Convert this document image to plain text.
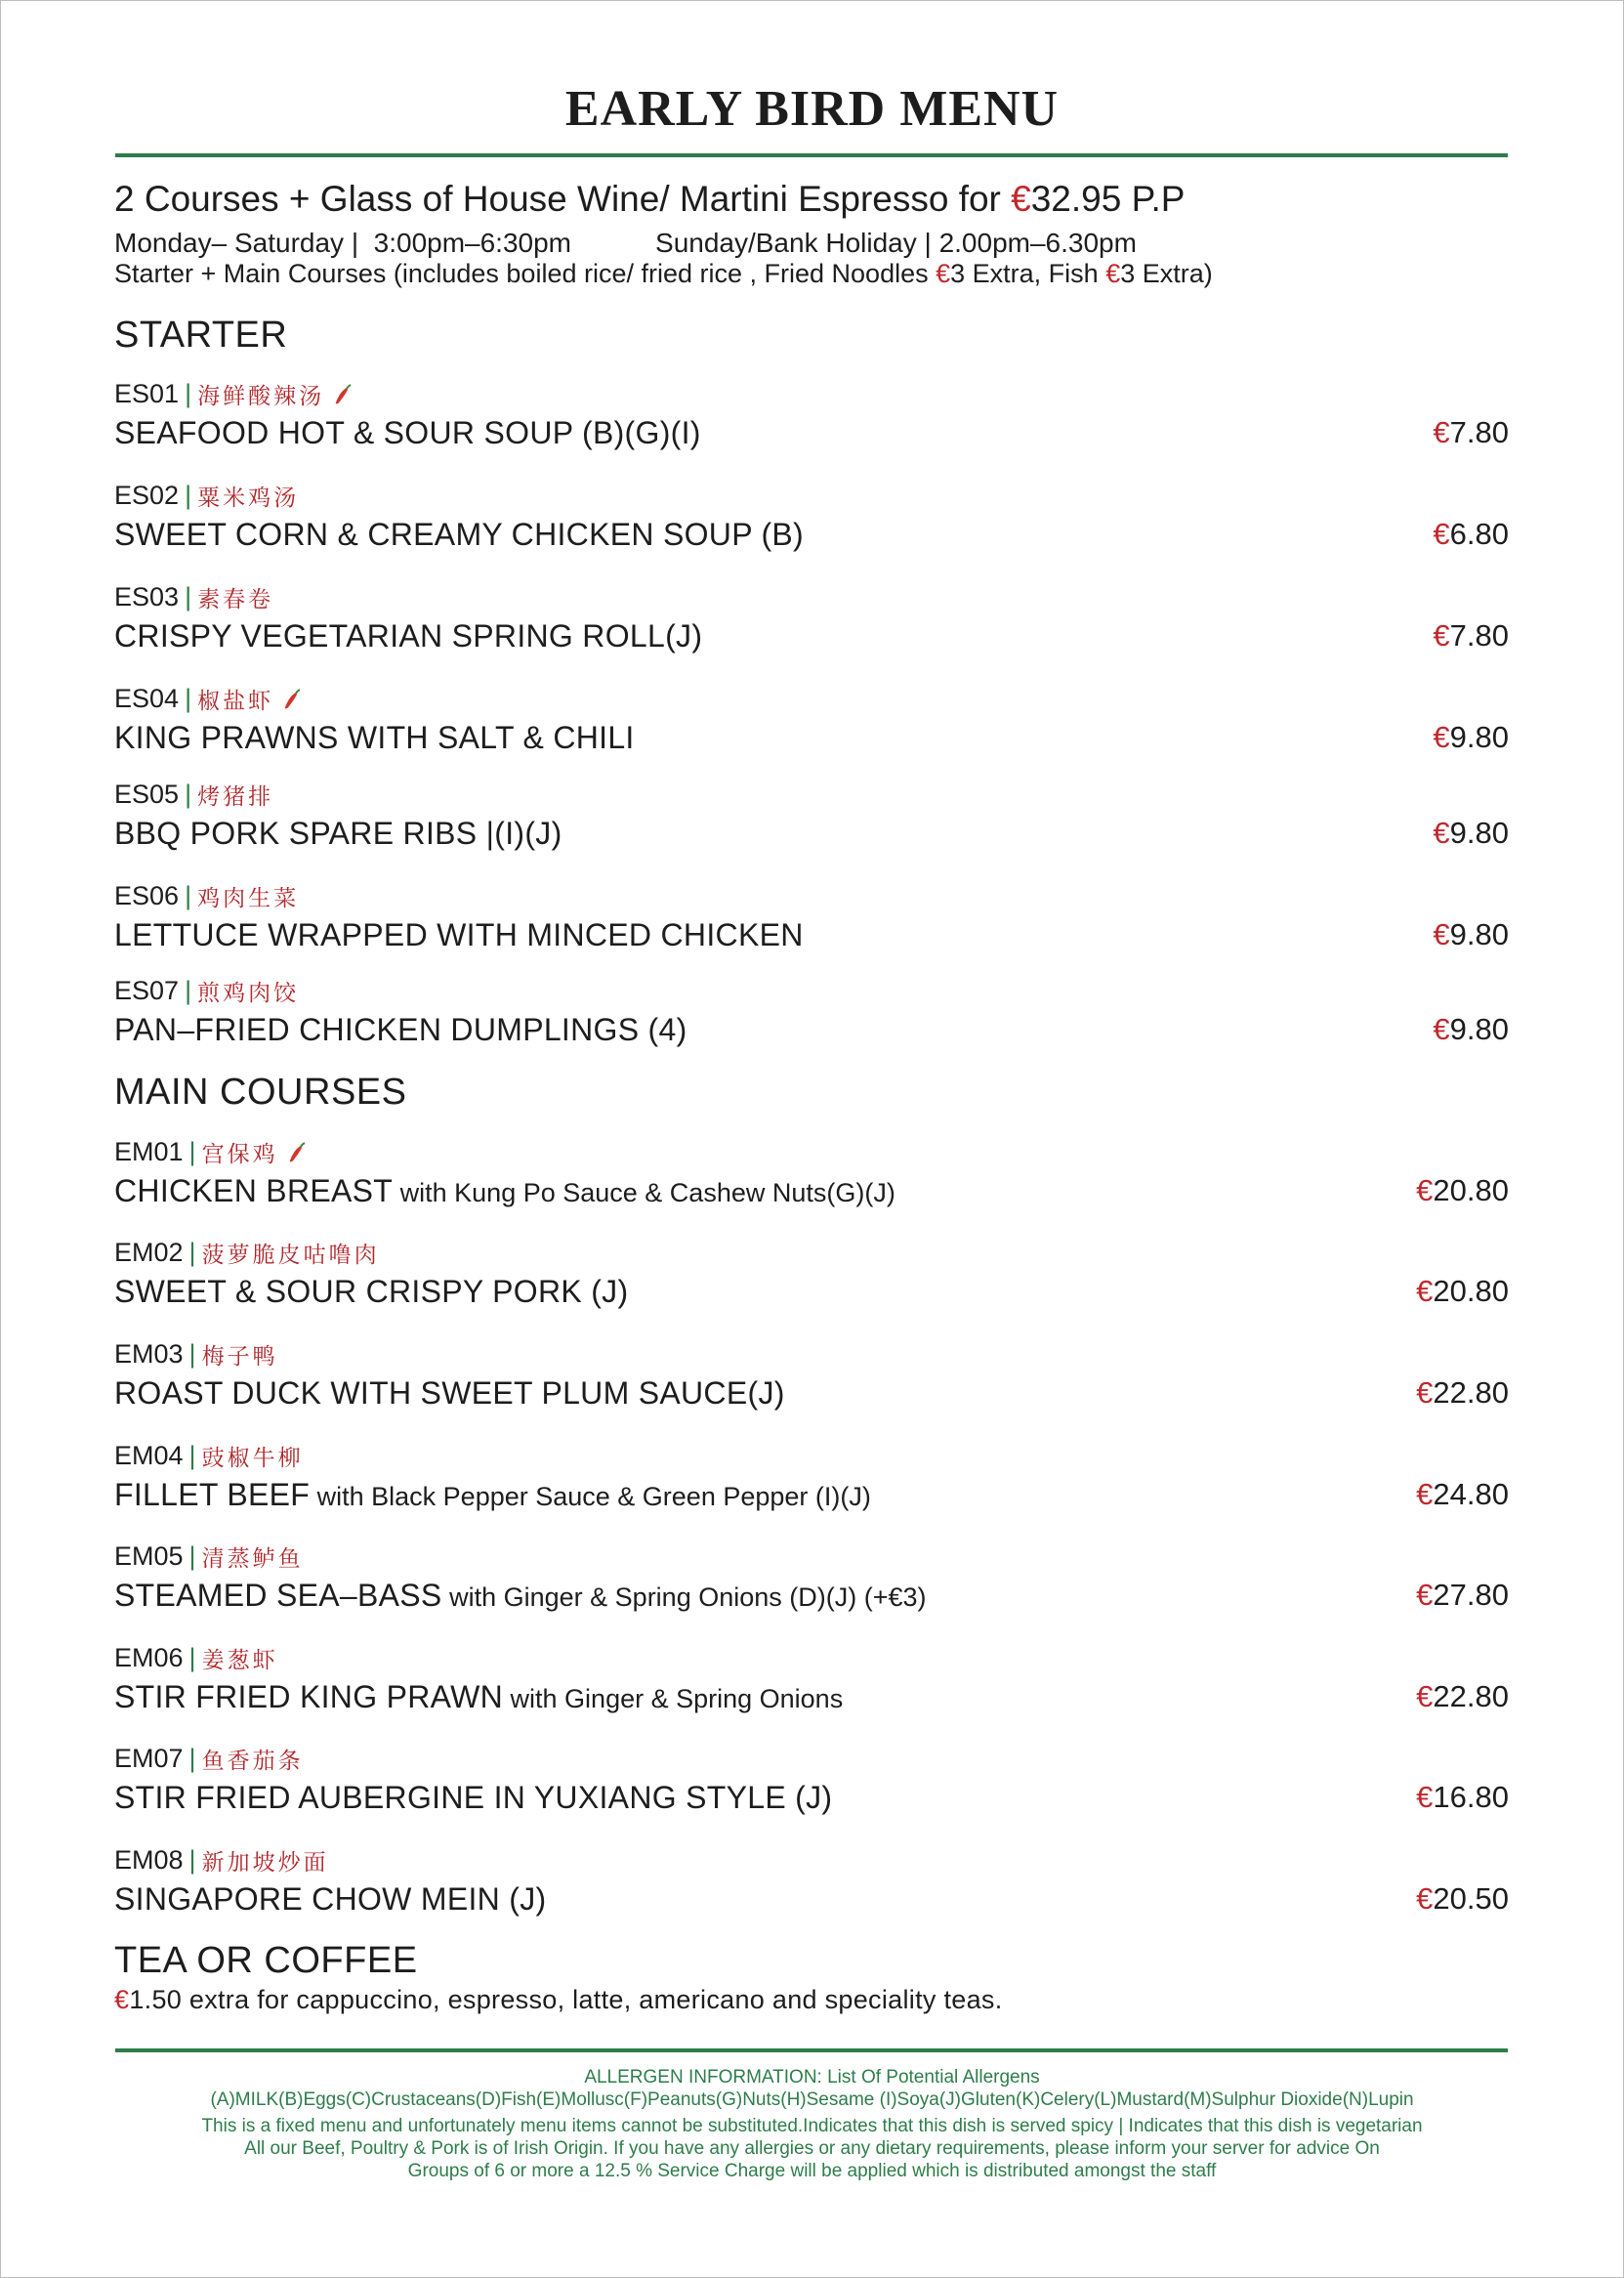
EARLY BIRD MENU
2 Courses + Glass of House Wine/ Martini Espresso for €32.95 P.P
Monday– Saturday |  3:00pm–6:30pm	Sunday/Bank Holiday | 2.00pm–6.30pm
Starter + Main Courses (includes boiled rice/ fried rice , Fried Noodles €3 Extra, Fish €3 Extra)
STARTER
ES01 | 海鲜酸辣汤
SEAFOOD HOT & SOUR SOUP (B)(G)(I)	€7.80
ES02 | 粟米鸡汤
SWEET CORN & CREAMY CHICKEN SOUP (B)	€6.80
ES03 | 素春卷
CRISPY VEGETARIAN SPRING ROLL(J)	€7.80
ES04 | 椒盐虾
KING PRAWNS WITH SALT & CHILI	€9.80
ES05 | 烤猪排
BBQ PORK SPARE RIBS |(I)(J)	€9.80
ES06 | 鸡肉生菜
LETTUCE WRAPPED WITH MINCED CHICKEN	€9.80
ES07 | 煎鸡肉饺
PAN–FRIED CHICKEN DUMPLINGS (4)	€9.80
MAIN COURSES
EM01 | 宫保鸡
CHICKEN BREAST with Kung Po Sauce & Cashew Nuts(G)(J)	€20.80
EM02 | 菠萝脆皮咕噜肉
SWEET & SOUR CRISPY PORK (J)	€20.80
EM03 | 梅子鸭
ROAST DUCK WITH SWEET PLUM SAUCE(J)	€22.80
EM04 | 豉椒牛柳
FILLET BEEF with Black Pepper Sauce & Green Pepper (I)(J)	€24.80
EM05 | 清蒸鲈鱼
STEAMED SEA–BASS with Ginger & Spring Onions (D)(J) (+€3)	€27.80
EM06 | 姜葱虾
STIR FRIED KING PRAWN with Ginger & Spring Onions	€22.80
EM07 | 鱼香茄条
STIR FRIED AUBERGINE IN YUXIANG STYLE (J)	€16.80
EM08 | 新加坡炒面
SINGAPORE CHOW MEIN (J)	€20.50
TEA OR COFFEE
€1.50 extra for cappuccino, espresso, latte, americano and speciality teas.
ALLERGEN INFORMATION: List Of Potential Allergens
(A)MILK(B)Eggs(C)Crustaceans(D)Fish(E)Mollusc(F)Peanuts(G)Nuts(H)Sesame (I)Soya(J)Gluten(K)Celery(L)Mustard(M)Sulphur Dioxide(N)Lupin
This is a fixed menu and unfortunately menu items cannot be substituted.Indicates that this dish is served spicy | Indicates that this dish is vegetarian
All our Beef, Poultry & Pork is of Irish Origin. If you have any allergies or any dietary requirements, please inform your server for advice On
Groups of 6 or more a 12.5 % Service Charge will be applied which is distributed amongst the staff
